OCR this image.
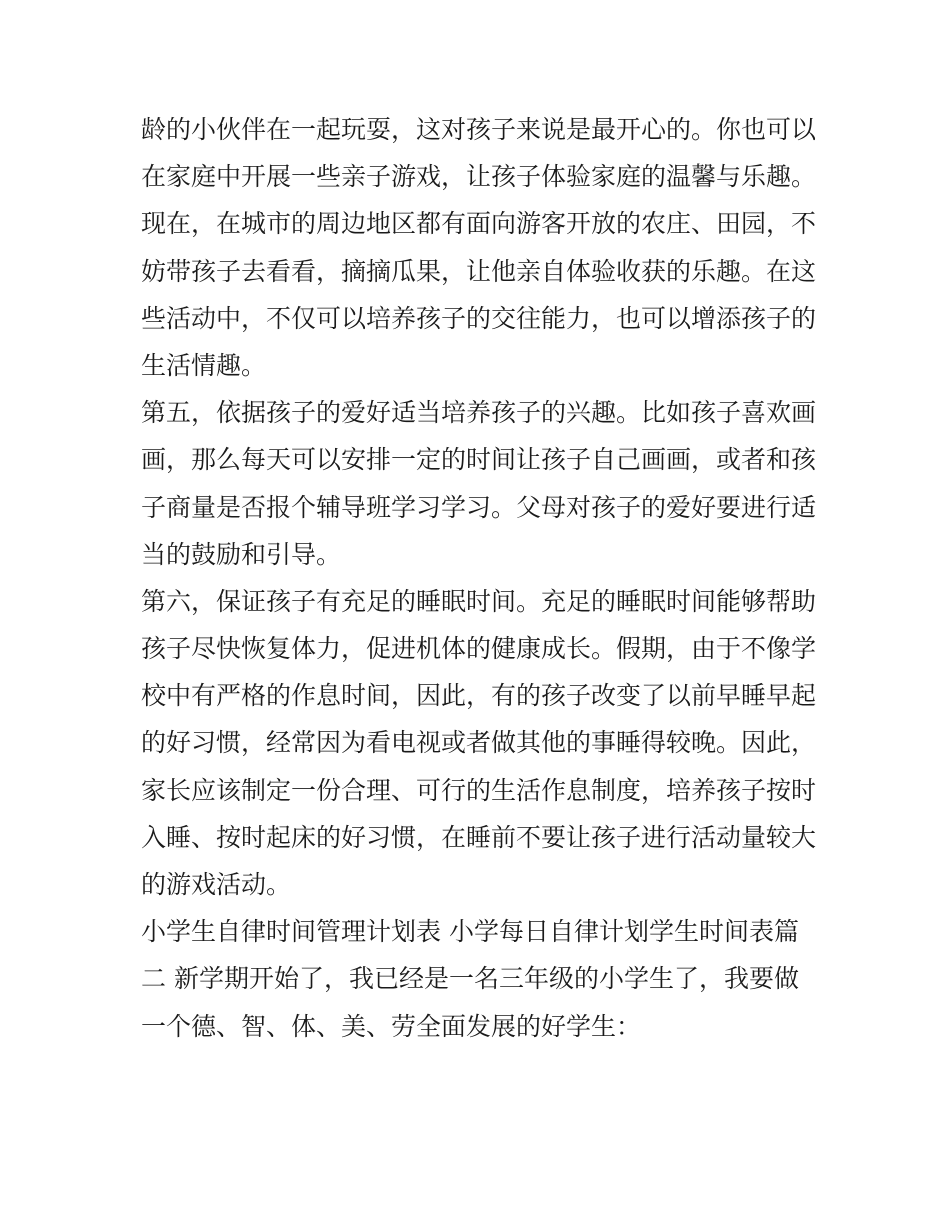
龄的小伙伴在一起玩耍，这对孩子来说是最开心的。你也可以
在家庭中开展一些亲子游戏，让孩子体验家庭的温馨与乐趣。
现在，在城市的周边地区都有面向游客开放的农庄、田园，不
妨带孩子去看看，摘摘瓜果，让他亲自体验收获的乐趣。在这
些活动中，不仅可以培养孩子的交往能力，也可以增添孩子的
生活情趣。
第五，依据孩子的爱好适当培养孩子的兴趣。比如孩子喜欢画
画，那么每天可以安排一定的时间让孩子自己画画，或者和孩
子商量是否报个辅导班学习学习。父母对孩子的爱好要进行适
当的鼓励和引导。
第六，保证孩子有充足的睡眠时间。充足的睡眠时间能够帮助
孩子尽快恢复体力，促进机体的健康成长。假期，由于不像学
校中有严格的作息时间，因此，有的孩子改变了以前早睡早起
的好习惯，经常因为看电视或者做其他的事睡得较晚。因此，
家长应该制定一份合理、可行的生活作息制度，培养孩子按时
入睡、按时起床的好习惯，在睡前不要让孩子进行活动量较大
的游戏活动。
小学生自律时间管理计划表 小学每日自律计划学生时间表篇
二 新学期开始了，我已经是一名三年级的小学生了，我要做
一个德、智、体、美、劳全面发展的好学生：
